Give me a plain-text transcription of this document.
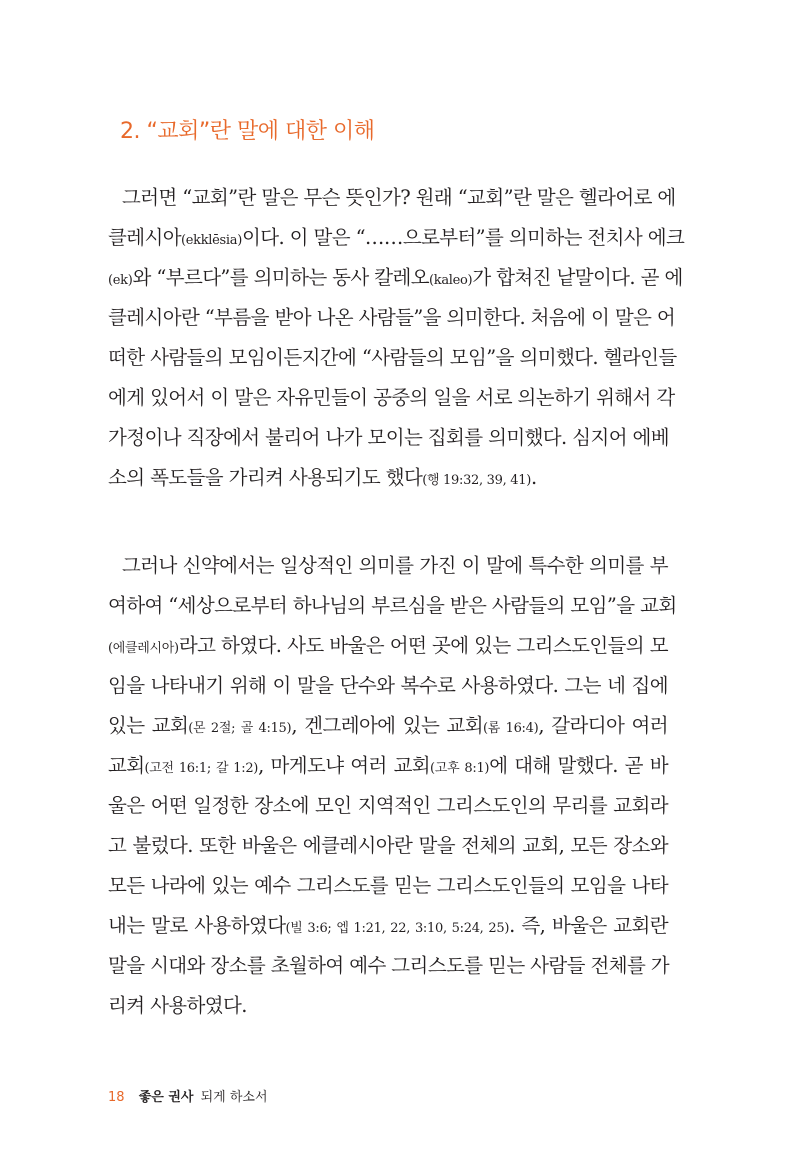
2. “교회”란 말에 대한 이해
그러면 “교회”란 말은 무슨 뜻인가? 원래 “교회”란 말은 헬라어로 에
클레시아(ekklēsia)이다. 이 말은 “……으로부터”를 의미하는 전치사 에크
(ek)와 “부르다”를 의미하는 동사 칼레오(kaleo)가 합쳐진 낱말이다. 곧 에
클레시아란 “부름을 받아 나온 사람들”을 의미한다. 처음에 이 말은 어
떠한 사람들의 모임이든지간에 “사람들의 모임”을 의미했다. 헬라인들
에게 있어서 이 말은 자유민들이 공중의 일을 서로 의논하기 위해서 각
가정이나 직장에서 불리어 나가 모이는 집회를 의미했다. 심지어 에베
소의 폭도들을 가리켜 사용되기도 했다(행 19:32, 39, 41).
그러나 신약에서는 일상적인 의미를 가진 이 말에 특수한 의미를 부
여하여 “세상으로부터 하나님의 부르심을 받은 사람들의 모임”을 교회
(에클레시아)라고 하였다. 사도 바울은 어떤 곳에 있는 그리스도인들의 모
임을 나타내기 위해 이 말을 단수와 복수로 사용하였다. 그는 네 집에
있는 교회(몬 2절; 골 4:15), 겐그레아에 있는 교회(롬 16:4), 갈라디아 여러
교회(고전 16:1; 갈 1:2), 마게도냐 여러 교회(고후 8:1)에 대해 말했다. 곧 바
울은 어떤 일정한 장소에 모인 지역적인 그리스도인의 무리를 교회라
고 불렀다. 또한 바울은 에클레시아란 말을 전체의 교회, 모든 장소와
모든 나라에 있는 예수 그리스도를 믿는 그리스도인들의 모임을 나타
내는 말로 사용하였다(빌 3:6; 엡 1:21, 22, 3:10, 5:24, 25). 즉, 바울은 교회란
말을 시대와 장소를 초월하여 예수 그리스도를 믿는 사람들 전체를 가
리켜 사용하였다.
18 좋은 권사 되게 하소서
